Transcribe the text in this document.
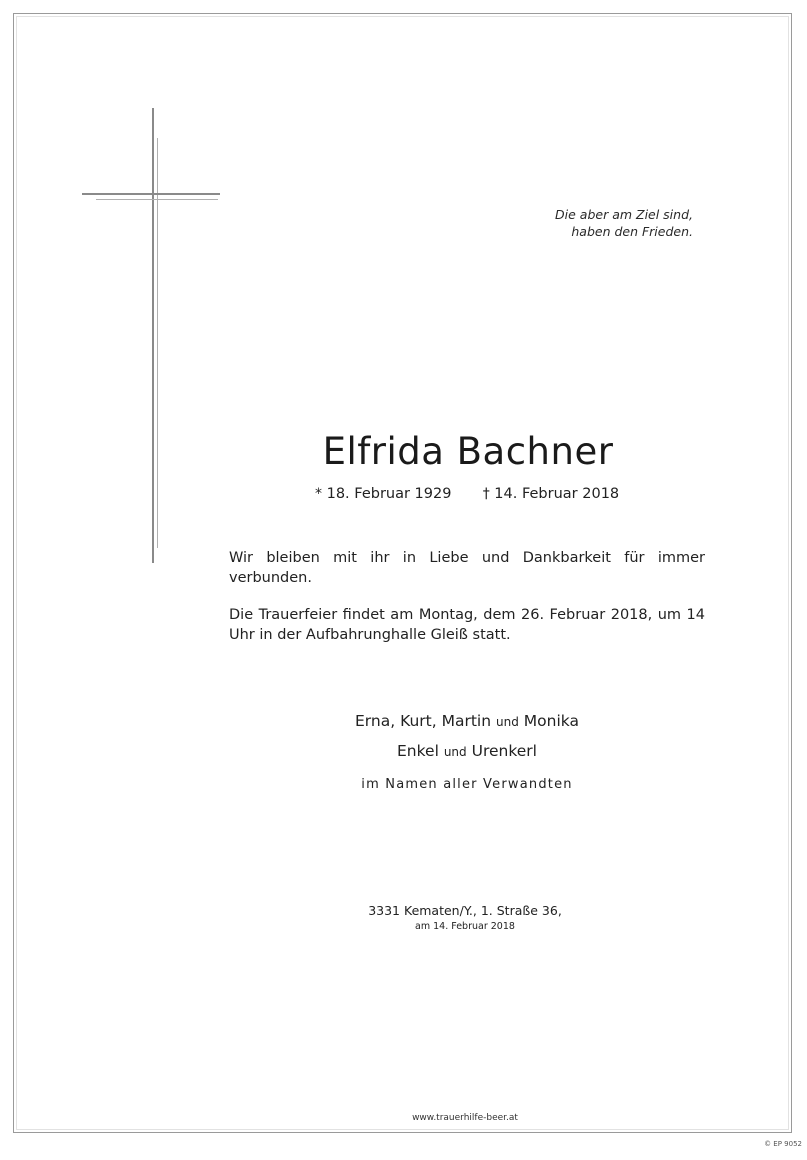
Die aber am Ziel sind,
haben den Frieden.
Elfrida Bachner
* 18. Februar 1929 † 14. Februar 2018

Wir bleiben mit ihr in Liebe und Dankbarkeit für immer verbunden.

Die Trauerfeier findet am Montag, dem 26. Februar 2018, um 14 Uhr in der Aufbahrunghalle Gleiß statt.

Erna, Kurt, Martin und Monika
Enkel und Urenkerl
im Namen aller Verwandten
3331 Kematen/Y., 1. Straße 36,
am 14. Februar 2018
www.trauerhilfe-beer.at
© EP 9052
